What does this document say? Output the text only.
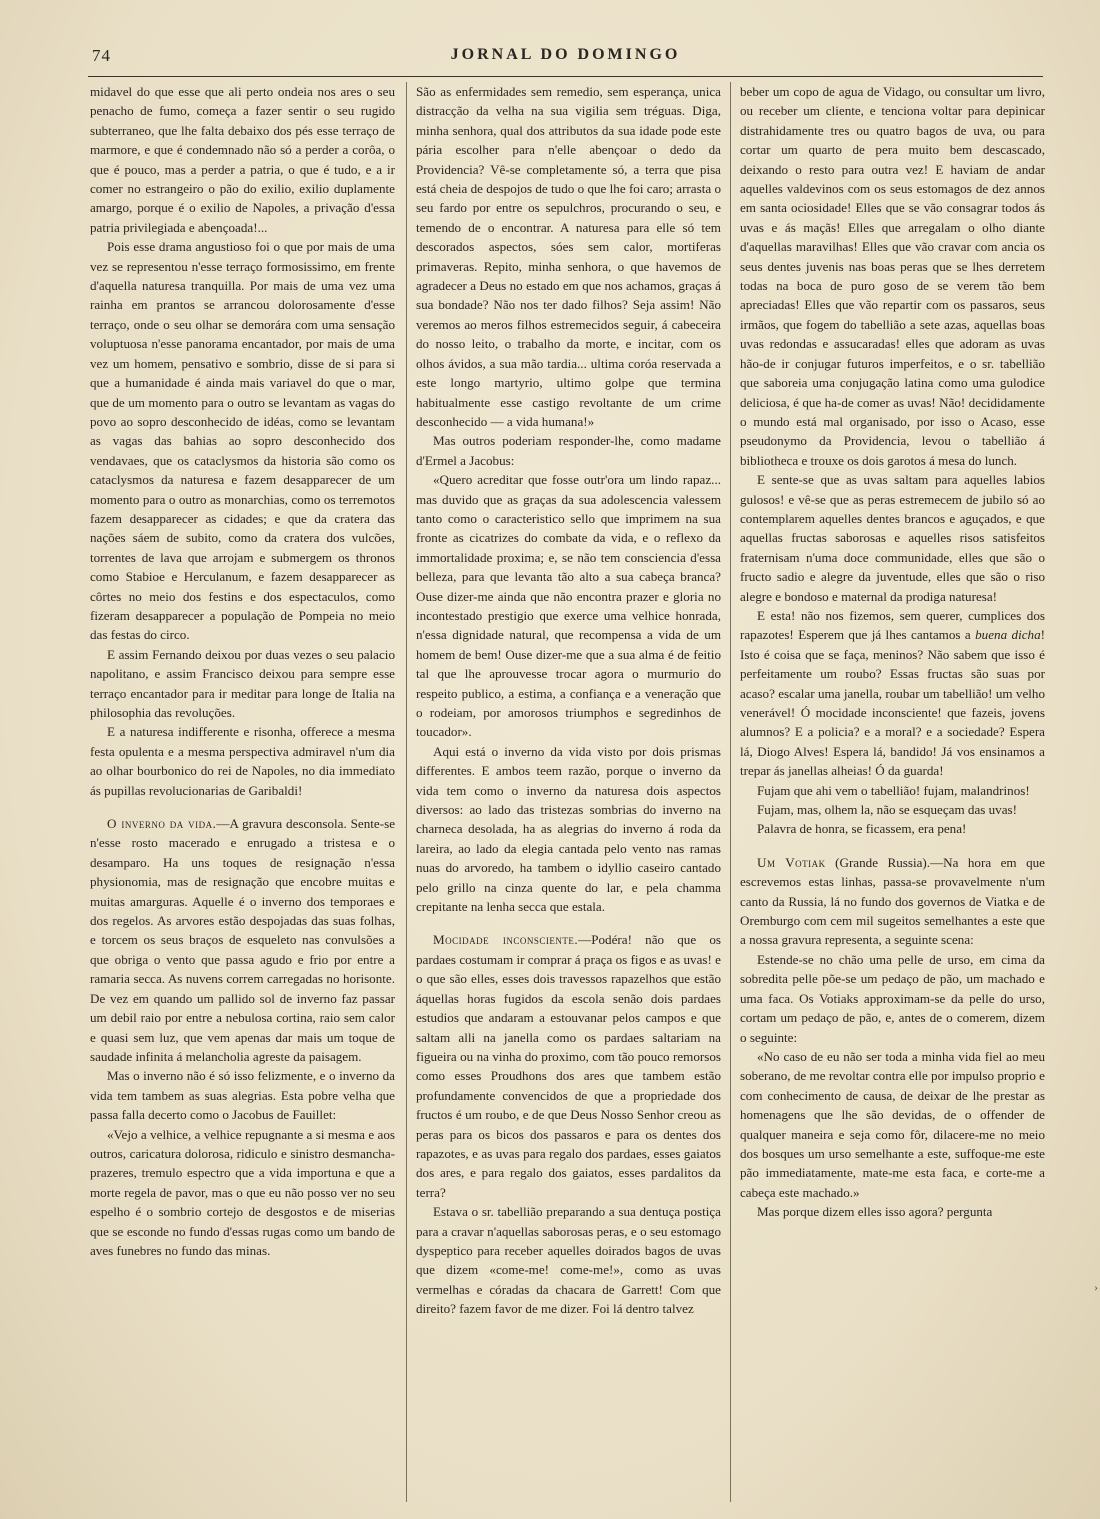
74	JORNAL DO DOMINGO

midavel do que esse que ali perto ondeia nos ares o seu penacho de fumo, começa a fazer sentir o seu rugido subterraneo, que lhe falta debaixo dos pés esse terraço de marmore, e que é condemnado não só a perder a corôa, o que é pouco, mas a perder a patria, o que é tudo, e a ir comer no estrangeiro o pão do exilio, exilio duplamente amargo, porque é o exilio de Napoles, a privação d'essa patria privilegiada e abençoada!...

Pois esse drama angustioso foi o que por mais de uma vez se representou n'esse terraço formosissimo, em frente d'aquella naturesa tranquilla. Por mais de uma vez uma rainha em prantos se arrancou dolorosamente d'esse terraço, onde o seu olhar se demorára com uma sensação voluptuosa n'esse panorama encantador, por mais de uma vez um homem, pensativo e sombrio, disse de si para si que a humanidade é ainda mais variavel do que o mar, que de um momento para o outro se levantam as vagas do povo ao sopro desconhecido de idéas, como se levantam as vagas das bahias ao sopro desconhecido dos vendavaes, que os cataclysmos da historia são como os cataclysmos da naturesa e fazem desapparecer de um momento para o outro as monarchias, como os terremotos fazem desapparecer as cidades; e que da cratera das nações sáem de subito, como da cratera dos vulcões, torrentes de lava que arrojam e submergem os thronos como Stabioe e Herculanum, e fazem desapparecer as côrtes no meio dos festins e dos espectaculos, como fizeram desapparecer a população de Pompeia no meio das festas do circo.

E assim Fernando deixou por duas vezes o seu palacio napolitano, e assim Francisco deixou para sempre esse terraço encantador para ir meditar para longe de Italia na philosophia das revoluções.

E a naturesa indifferente e risonha, offerece a mesma festa opulenta e a mesma perspectiva admiravel n'um dia ao olhar bourbonico do rei de Napoles, no dia immediato ás pupillas revolucionarias de Garibaldi!

O inverno da vida.—A gravura desconsola. Sente-se n'esse rosto macerado e enrugado a tristesa e o desamparo. Ha uns toques de resignação n'essa physionomia, mas de resignação que encobre muitas e muitas amarguras. Aquelle é o inverno dos temporaes e dos regelos. As arvores estão despojadas das suas folhas, e torcem os seus braços de esqueleto nas convulsões a que obriga o vento que passa agudo e frio por entre a ramaria secca. As nuvens correm carregadas no horisonte. De vez em quando um pallido sol de inverno faz passar um debil raio por entre a nebulosa cortina, raio sem calor e quasi sem luz, que vem apenas dar mais um toque de saudade infinita á melancholia agreste da paisagem.

Mas o inverno não é só isso felizmente, e o inverno da vida tem tambem as suas alegrias. Esta pobre velha que passa falla decerto como o Jacobus de Fauillet:

«Vejo a velhice, a velhice repugnante a si mesma e aos outros, caricatura dolorosa, ridiculo e sinistro desmancha-prazeres, tremulo espectro que a vida importuna e que a morte regela de pavor, mas o que eu não posso ver no seu espelho é o sombrio cortejo de desgostos e de miserias que se esconde no fundo d'essas rugas como um bando de aves funebres no fundo das minas.

São as enfermidades sem remedio, sem esperança, unica distracção da velha na sua vigilia sem tréguas. Diga, minha senhora, qual dos attributos da sua idade pode este pária escolher para n'elle abençoar o dedo da Providencia? Vê-se completamente só, a terra que pisa está cheia de despojos de tudo o que lhe foi caro; arrasta o seu fardo por entre os sepulchros, procurando o seu, e temendo de o encontrar. A naturesa para elle só tem descorados aspectos, sóes sem calor, mortiferas primaveras. Repito, minha senhora, o que havemos de agradecer a Deus no estado em que nos achamos, graças á sua bondade? Não nos ter dado filhos? Seja assim! Não veremos ao meros filhos estremecidos seguir, á cabeceira do nosso leito, o trabalho da morte, e incitar, com os olhos ávidos, a sua mão tardia... ultima coróa reservada a este longo martyrio, ultimo golpe que termina habitualmente esse castigo revoltante de um crime desconhecido — a vida humana!»

Mas outros poderiam responder-lhe, como madame d'Ermel a Jacobus:

«Quero acreditar que fosse outr'ora um lindo rapaz... mas duvido que as graças da sua adolescencia valessem tanto como o caracteristico sello que imprimem na sua fronte as cicatrizes do combate da vida, e o reflexo da immortalidade proxima; e, se não tem consciencia d'essa belleza, para que levanta tão alto a sua cabeça branca? Ouse dizer-me ainda que não encontra prazer e gloria no incontestado prestigio que exerce uma velhice honrada, n'essa dignidade natural, que recompensa a vida de um homem de bem! Ouse dizer-me que a sua alma é de feitio tal que lhe aprouvesse trocar agora o murmurio do respeito publico, a estima, a confiança e a veneração que o rodeiam, por amorosos triumphos e segredinhos de toucador».

Aqui está o inverno da vida visto por dois prismas differentes. E ambos teem razão, porque o inverno da vida tem como o inverno da naturesa dois aspectos diversos: ao lado das tristezas sombrias do inverno na charneca desolada, ha as alegrias do inverno á roda da lareira, ao lado da elegia cantada pelo vento nas ramas nuas do arvoredo, ha tambem o idyllio caseiro cantado pelo grillo na cinza quente do lar, e pela chamma crepitante na lenha secca que estala.

Mocidade inconsciente.—Podéra! não que os pardaes costumam ir comprar á praça os figos e as uvas! e o que são elles, esses dois travessos rapazelhos que estão áquellas horas fugidos da escola senão dois pardaes estudios que andaram a estouvanar pelos campos e que saltam alli na janella como os pardaes saltariam na figueira ou na vinha do proximo, com tão pouco remorsos como esses Proudhons dos ares que tambem estão profundamente convencidos de que a propriedade dos fructos é um roubo, e de que Deus Nosso Senhor creou as peras para os bicos dos passaros e para os dentes dos rapazotes, e as uvas para regalo dos pardaes, esses gaiatos dos ares, e para regalo dos gaiatos, esses pardalitos da terra?

Estava o sr. tabellião preparando a sua dentuça postiça para a cravar n'aquellas saborosas peras, e o seu estomago dyspeptico para receber aquelles doirados bagos de uvas que dizem «come-me! come-me!», como as uvas vermelhas e córadas da chacara de Garrett! Com que direito? fazem favor de me dizer. Foi lá dentro talvez

beber um copo de agua de Vidago, ou consultar um livro, ou receber um cliente, e tenciona voltar para depinicar distrahidamente tres ou quatro bagos de uva, ou para cortar um quarto de pera muito bem descascado, deixando o resto para outra vez! E haviam de andar aquelles valdevinos com os seus estomagos de dez annos em santa ociosidade! Elles que se vão consagrar todos ás uvas e ás maçãs! Elles que arregalam o olho diante d'aquellas maravilhas! Elles que vão cravar com ancia os seus dentes juvenis nas boas peras que se lhes derretem todas na boca de puro goso de se verem tão bem apreciadas! Elles que vão repartir com os passaros, seus irmãos, que fogem do tabellião a sete azas, aquellas boas uvas redondas e assucaradas! elles que adoram as uvas hão-de ir conjugar futuros imperfeitos, e o sr. tabellião que saboreia uma conjugação latina como uma gulodice deliciosa, é que ha-de comer as uvas! Não! decididamente o mundo está mal organisado, por isso o Acaso, esse pseudonymo da Providencia, levou o tabellião á bibliotheca e trouxe os dois garotos á mesa do lunch.

E sente-se que as uvas saltam para aquelles labios gulosos! e vê-se que as peras estremecem de jubilo só ao contemplarem aquelles dentes brancos e aguçados, e que aquellas fructas saborosas e aquelles risos satisfeitos fraternisam n'uma doce communidade, elles que são o fructo sadio e alegre da juventude, elles que são o riso alegre e bondoso e maternal da prodiga naturesa!

E esta! não nos fizemos, sem querer, cumplices dos rapazotes! Esperem que já lhes cantamos a buena dicha! Isto é coisa que se faça, meninos? Não sabem que isso é perfeitamente um roubo? Essas fructas são suas por acaso? escalar uma janella, roubar um tabellião! um velho venerável! Ó mocidade inconsciente! que fazeis, jovens alumnos? E a policia? e a moral? e a sociedade? Espera lá, Diogo Alves! Espera lá, bandido! Já vos ensinamos a trepar ás janellas alheias! Ó da guarda!

Fujam que ahi vem o tabellião! fujam, malandrinos!

Fujam, mas, olhem la, não se esqueçam das uvas!

Palavra de honra, se ficassem, era pena!

Um Votiak (Grande Russia).—Na hora em que escrevemos estas linhas, passa-se provavelmente n'um canto da Russia, lá no fundo dos governos de Viatka e de Oremburgo com cem mil sugeitos semelhantes a este que a nossa gravura representa, a seguinte scena:

Estende-se no chão uma pelle de urso, em cima da sobredita pelle põe-se um pedaço de pão, um machado e uma faca. Os Votiaks approximam-se da pelle do urso, cortam um pedaço de pão, e, antes de o comerem, dizem o seguinte:

«No caso de eu não ser toda a minha vida fiel ao meu soberano, de me revoltar contra elle por impulso proprio e com conhecimento de causa, de deixar de lhe prestar as homenagens que lhe são devidas, de o offender de qualquer maneira e seja como fôr, dilacere-me no meio dos bosques um urso semelhante a este, suffoque-me este pão immediatamente, mate-me esta faca, e corte-me a cabeça este machado.»

Mas porque dizem elles isso agora? pergunta

›
